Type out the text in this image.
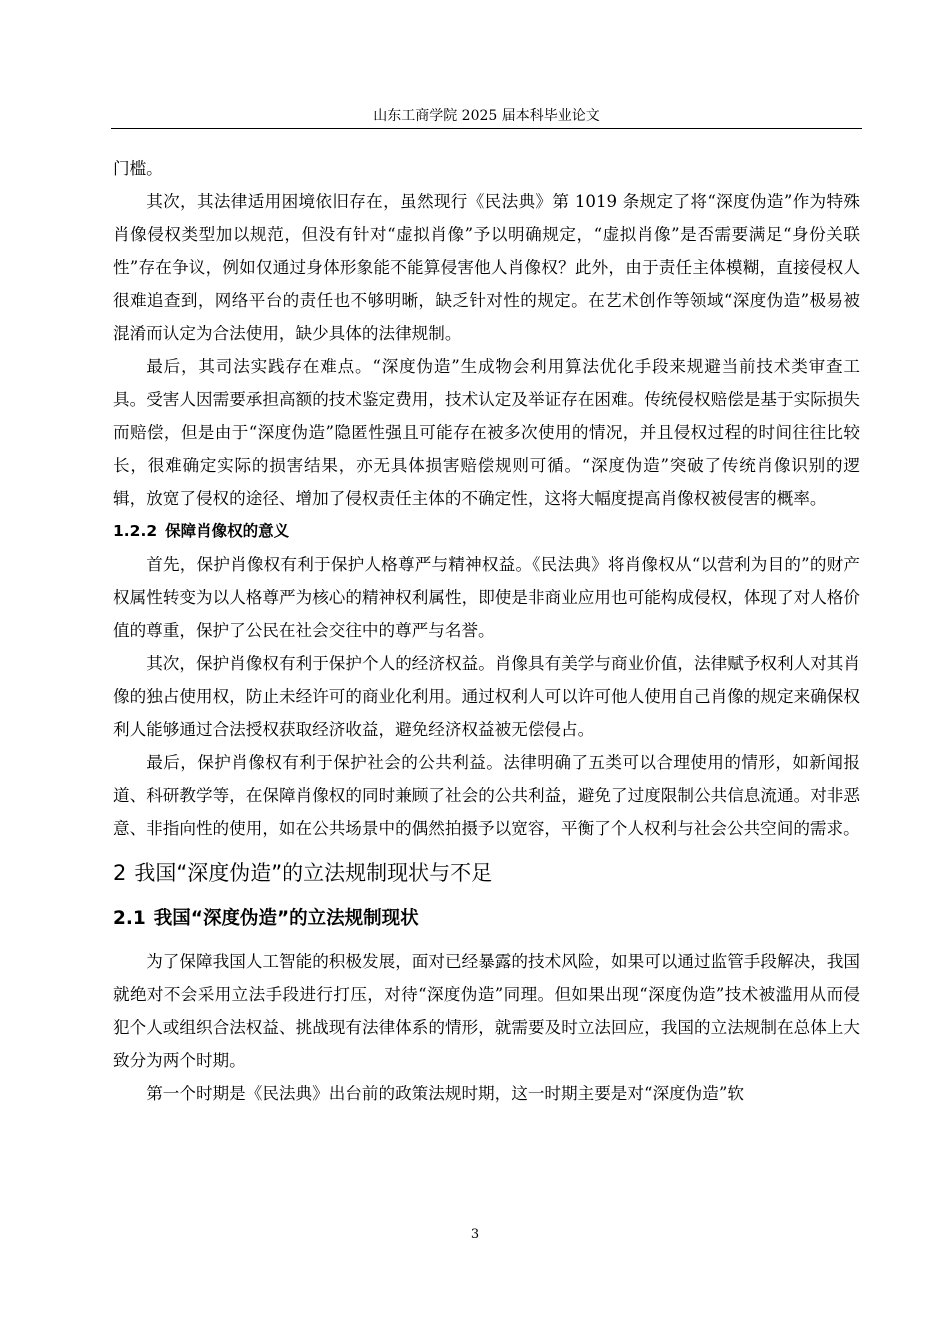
山东工商学院 2025 届本科毕业论文

门槛。

其次，其法律适用困境依旧存在，虽然现行《民法典》第 1019 条规定了将“深度伪造”作为特殊肖像侵权类型加以规范，但没有针对“虚拟肖像”予以明确规定，“虚拟肖像”是否需要满足“身份关联性”存在争议，例如仅通过身体形象能不能算侵害他人肖像权？此外，由于责任主体模糊，直接侵权人很难追查到，网络平台的责任也不够明晰，缺乏针对性的规定。在艺术创作等领域“深度伪造”极易被混淆而认定为合法使用，缺少具体的法律规制。

最后，其司法实践存在难点。“深度伪造”生成物会利用算法优化手段来规避当前技术类审查工具。受害人因需要承担高额的技术鉴定费用，技术认定及举证存在困难。传统侵权赔偿是基于实际损失而赔偿，但是由于“深度伪造”隐匿性强且可能存在被多次使用的情况，并且侵权过程的时间往往比较长，很难确定实际的损害结果，亦无具体损害赔偿规则可循。“深度伪造”突破了传统肖像识别的逻辑，放宽了侵权的途径、增加了侵权责任主体的不确定性，这将大幅度提高肖像权被侵害的概率。

1.2.2 保障肖像权的意义

首先，保护肖像权有利于保护人格尊严与精神权益。《民法典》将肖像权从“以营利为目的”的财产权属性转变为以人格尊严为核心的精神权利属性，即使是非商业应用也可能构成侵权，体现了对人格价值的尊重，保护了公民在社会交往中的尊严与名誉。

其次，保护肖像权有利于保护个人的经济权益。肖像具有美学与商业价值，法律赋予权利人对其肖像的独占使用权，防止未经许可的商业化利用。通过权利人可以许可他人使用自己肖像的规定来确保权利人能够通过合法授权获取经济收益，避免经济权益被无偿侵占。

最后，保护肖像权有利于保护社会的公共利益。法律明确了五类可以合理使用的情形，如新闻报道、科研教学等，在保障肖像权的同时兼顾了社会的公共利益，避免了过度限制公共信息流通。对非恶意、非指向性的使用，如在公共场景中的偶然拍摄予以宽容，平衡了个人权利与社会公共空间的需求。

2 我国“深度伪造”的立法规制现状与不足
2.1 我国“深度伪造”的立法规制现状

为了保障我国人工智能的积极发展，面对已经暴露的技术风险，如果可以通过监管手段解决，我国就绝对不会采用立法手段进行打压，对待“深度伪造”同理。但如果出现“深度伪造”技术被滥用从而侵犯个人或组织合法权益、挑战现有法律体系的情形，就需要及时立法回应，我国的立法规制在总体上大致分为两个时期。

第一个时期是《民法典》出台前的政策法规时期，这一时期主要是对“深度伪造”软

3
